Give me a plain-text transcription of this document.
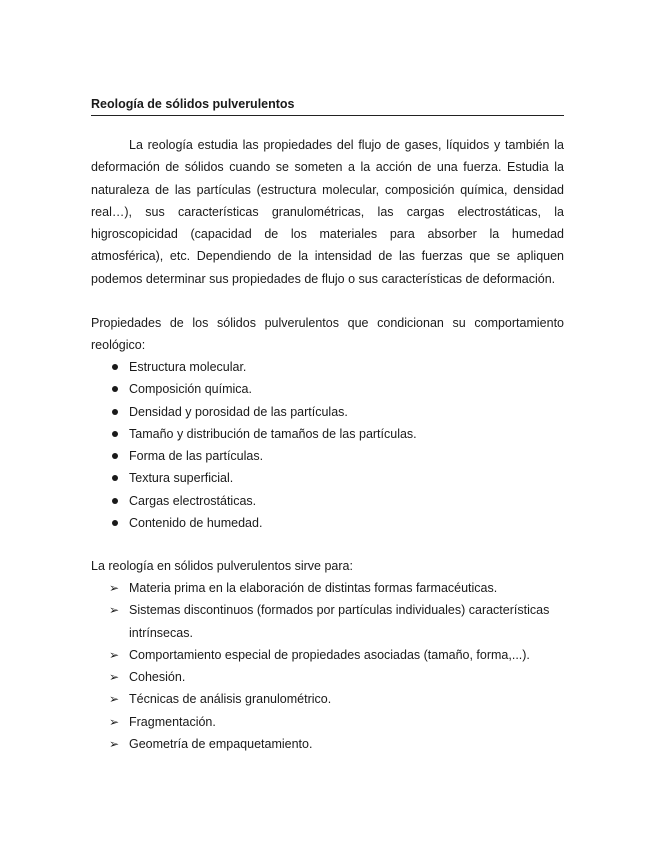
Reología de sólidos pulverulentos

La reología estudia las propiedades del flujo de gases, líquidos y también la deformación de sólidos cuando se someten a la acción de una fuerza. Estudia la naturaleza de las partículas (estructura molecular, composición química, densidad real…), sus características granulométricas, las cargas electrostáticas, la higroscopicidad (capacidad de los materiales para absorber la humedad atmosférica), etc. Dependiendo de la intensidad de las fuerzas que se apliquen podemos determinar sus propiedades de flujo o sus características de deformación.

Propiedades de los sólidos pulverulentos que condicionan su comportamiento reológico:

Estructura molecular.
Composición química.
Densidad y porosidad de las partículas.
Tamaño y distribución de tamaños de las partículas.
Forma de las partículas.
Textura superficial.
Cargas electrostáticas.
Contenido de humedad.

La reología en sólidos pulverulentos sirve para:

➢ Materia prima en la elaboración de distintas formas farmacéuticas.
➢ Sistemas discontinuos (formados por partículas individuales) características intrínsecas.
➢ Comportamiento especial de propiedades asociadas (tamaño, forma,...).
➢ Cohesión.
➢ Técnicas de análisis granulométrico.
➢ Fragmentación.
➢ Geometría de empaquetamiento.
